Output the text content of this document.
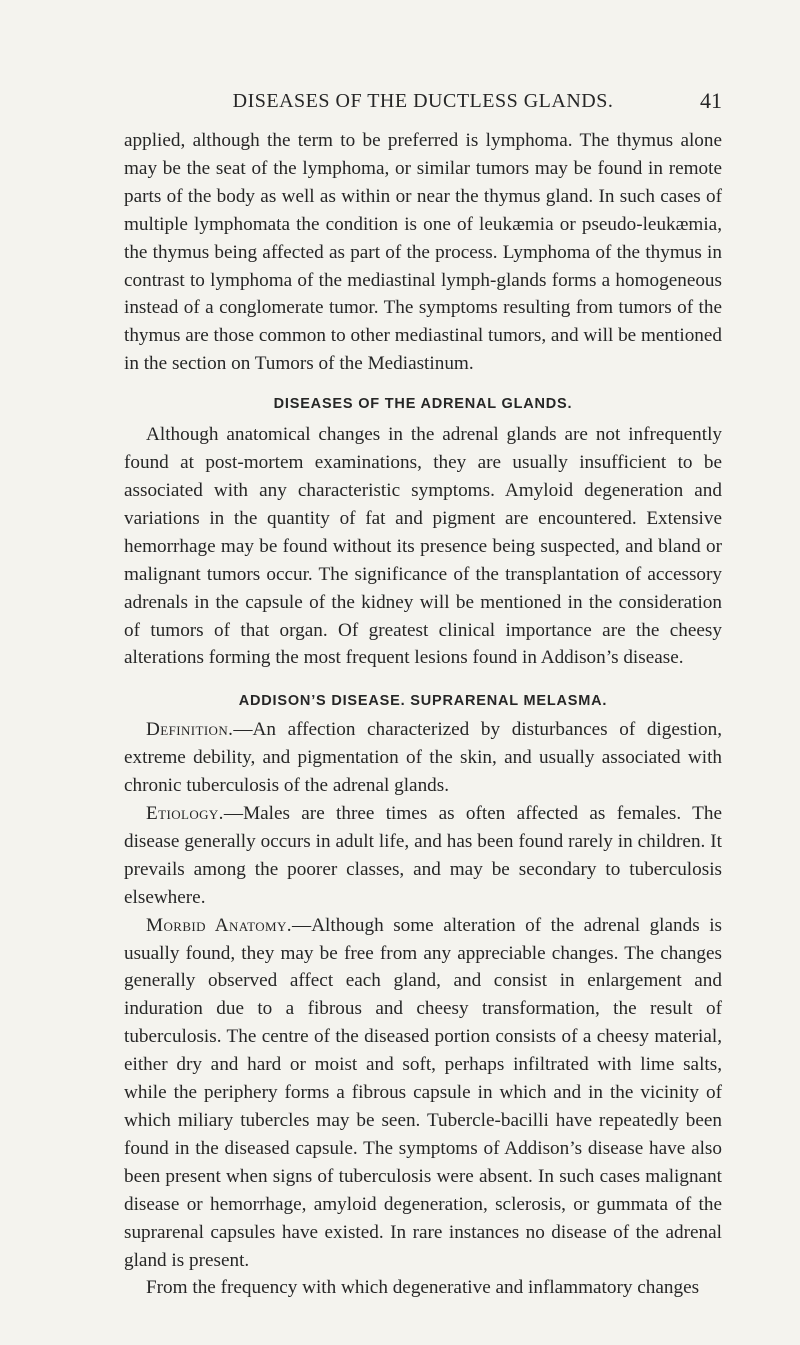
DISEASES OF THE DUCTLESS GLANDS.	41

applied, although the term to be preferred is lymphoma. The thymus alone may be the seat of the lymphoma, or similar tumors may be found in remote parts of the body as well as within or near the thymus gland. In such cases of multiple lymphomata the condition is one of leukæmia or pseudo-leukæmia, the thymus being affected as part of the process. Lymphoma of the thymus in contrast to lymphoma of the mediastinal lymph-glands forms a homogeneous instead of a conglomerate tumor. The symptoms resulting from tumors of the thymus are those common to other mediastinal tumors, and will be mentioned in the section on Tumors of the Mediastinum.

DISEASES OF THE ADRENAL GLANDS.

Although anatomical changes in the adrenal glands are not infrequently found at post-mortem examinations, they are usually insufficient to be associated with any characteristic symptoms. Amyloid degeneration and variations in the quantity of fat and pigment are encountered. Extensive hemorrhage may be found without its presence being suspected, and bland or malignant tumors occur. The significance of the transplantation of accessory adrenals in the capsule of the kidney will be mentioned in the consideration of tumors of that organ. Of greatest clinical importance are the cheesy alterations forming the most frequent lesions found in Addison’s disease.

ADDISON’S DISEASE. SUPRARENAL MELASMA.

Definition.—An affection characterized by disturbances of digestion, extreme debility, and pigmentation of the skin, and usually associated with chronic tuberculosis of the adrenal glands.

Etiology.—Males are three times as often affected as females. The disease generally occurs in adult life, and has been found rarely in children. It prevails among the poorer classes, and may be secondary to tuberculosis elsewhere.

Morbid Anatomy.—Although some alteration of the adrenal glands is usually found, they may be free from any appreciable changes. The changes generally observed affect each gland, and consist in enlargement and induration due to a fibrous and cheesy transformation, the result of tuberculosis. The centre of the diseased portion consists of a cheesy material, either dry and hard or moist and soft, perhaps infiltrated with lime salts, while the periphery forms a fibrous capsule in which and in the vicinity of which miliary tubercles may be seen. Tubercle-bacilli have repeatedly been found in the diseased capsule. The symptoms of Addison’s disease have also been present when signs of tuberculosis were absent. In such cases malignant disease or hemorrhage, amyloid degeneration, sclerosis, or gummata of the suprarenal capsules have existed. In rare instances no disease of the adrenal gland is present.

From the frequency with which degenerative and inflammatory changes
